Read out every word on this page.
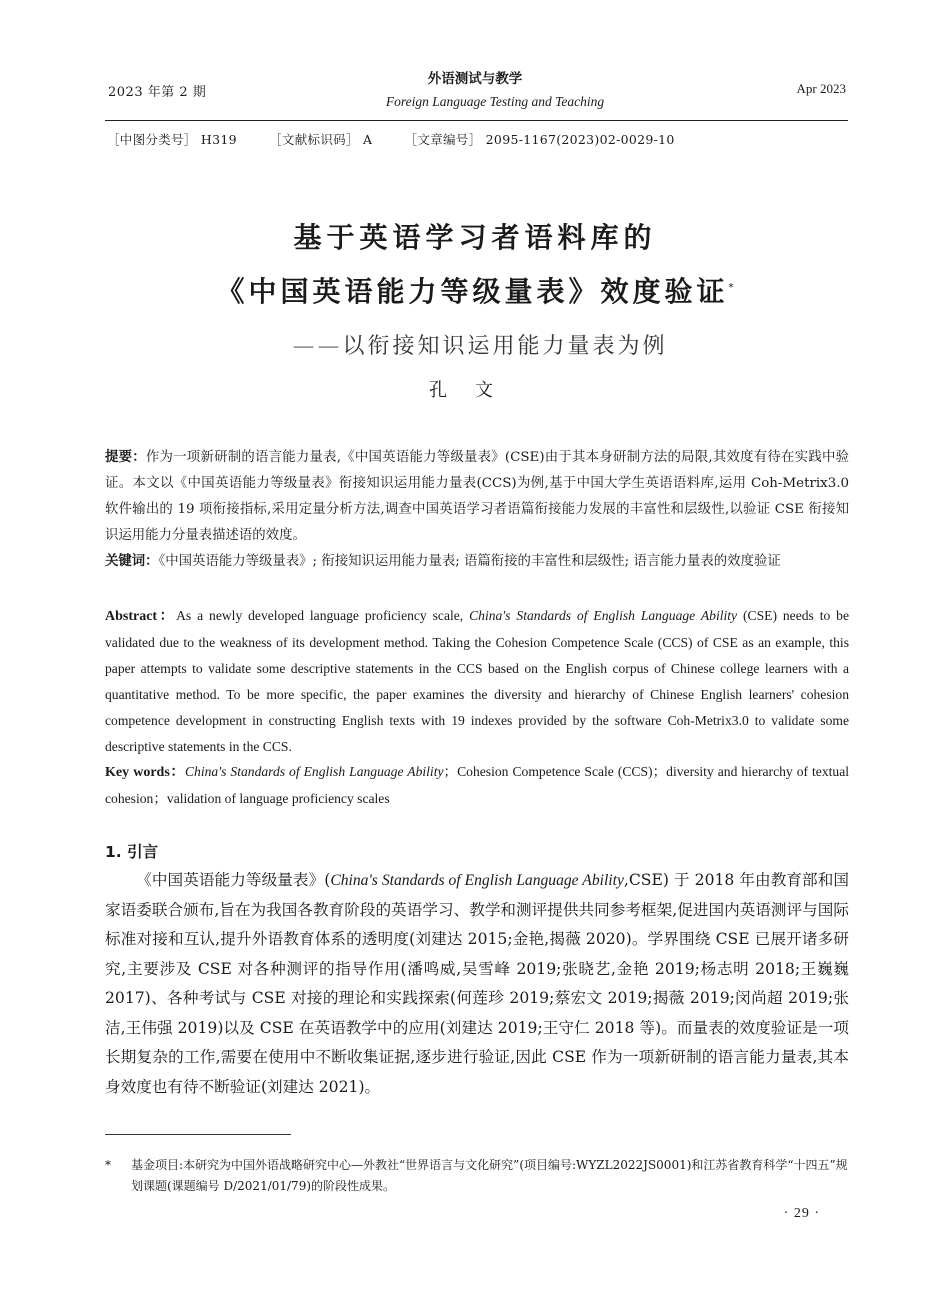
2023 年第 2 期
外语测试与教学
Foreign Language Testing and Teaching
Apr 2023
［中图分类号］ H319	［文献标识码］ A	［文章编号］ 2095-1167(2023)02-0029-10
基于英语学习者语料库的
《中国英语能力等级量表》效度验证*
——以衔接知识运用能力量表为例
孔文
提要：作为一项新研制的语言能力量表,《中国英语能力等级量表》(CSE)由于其本身研制方法的局限,其效度有待在实践中验证。本文以《中国英语能力等级量表》衔接知识运用能力量表(CCS)为例,基于中国大学生英语语料库,运用 Coh-Metrix3.0 软件输出的 19 项衔接指标,采用定量分析方法,调查中国英语学习者语篇衔接能力发展的丰富性和层级性,以验证 CSE 衔接知识运用能力分量表描述语的效度。
关键词：《中国英语能力等级量表》; 衔接知识运用能力量表; 语篇衔接的丰富性和层级性; 语言能力量表的效度验证
Abstract：As a newly developed language proficiency scale, China's Standards of English Language Ability (CSE) needs to be validated due to the weakness of its development method. Taking the Cohesion Competence Scale (CCS) of CSE as an example, this paper attempts to validate some descriptive statements in the CCS based on the English corpus of Chinese college learners with a quantitative method. To be more specific, the paper examines the diversity and hierarchy of Chinese English learners' cohesion competence development in constructing English texts with 19 indexes provided by the software Coh-Metrix3.0 to validate some descriptive statements in the CCS.
Key words：China's Standards of English Language Ability；Cohesion Competence Scale (CCS)；diversity and hierarchy of textual cohesion；validation of language proficiency scales
1. 引言
《中国英语能力等级量表》(China's Standards of English Language Ability,CSE) 于 2018 年由教育部和国家语委联合颁布,旨在为我国各教育阶段的英语学习、教学和测评提供共同参考框架,促进国内英语测评与国际标准对接和互认,提升外语教育体系的透明度(刘建达 2015;金艳,揭薇 2020)。学界围绕 CSE 已展开诸多研究,主要涉及 CSE 对各种测评的指导作用(潘鸣威,吴雪峰 2019;张晓艺,金艳 2019;杨志明 2018;王巍巍 2017)、各种考试与 CSE 对接的理论和实践探索(何莲珍 2019;蔡宏文 2019;揭薇 2019;闵尚超 2019;张洁,王伟强 2019)以及 CSE 在英语教学中的应用(刘建达 2019;王守仁 2018 等)。而量表的效度验证是一项长期复杂的工作,需要在使用中不断收集证据,逐步进行验证,因此 CSE 作为一项新研制的语言能力量表,其本身效度也有待不断验证(刘建达 2021)。
* 基金项目:本研究为中国外语战略研究中心—外教社“世界语言与文化研究”(项目编号:WYZL2022JS0001)和江苏省教育科学“十四五”规划课题(课题编号 D/2021/01/79)的阶段性成果。
· 29 ·
